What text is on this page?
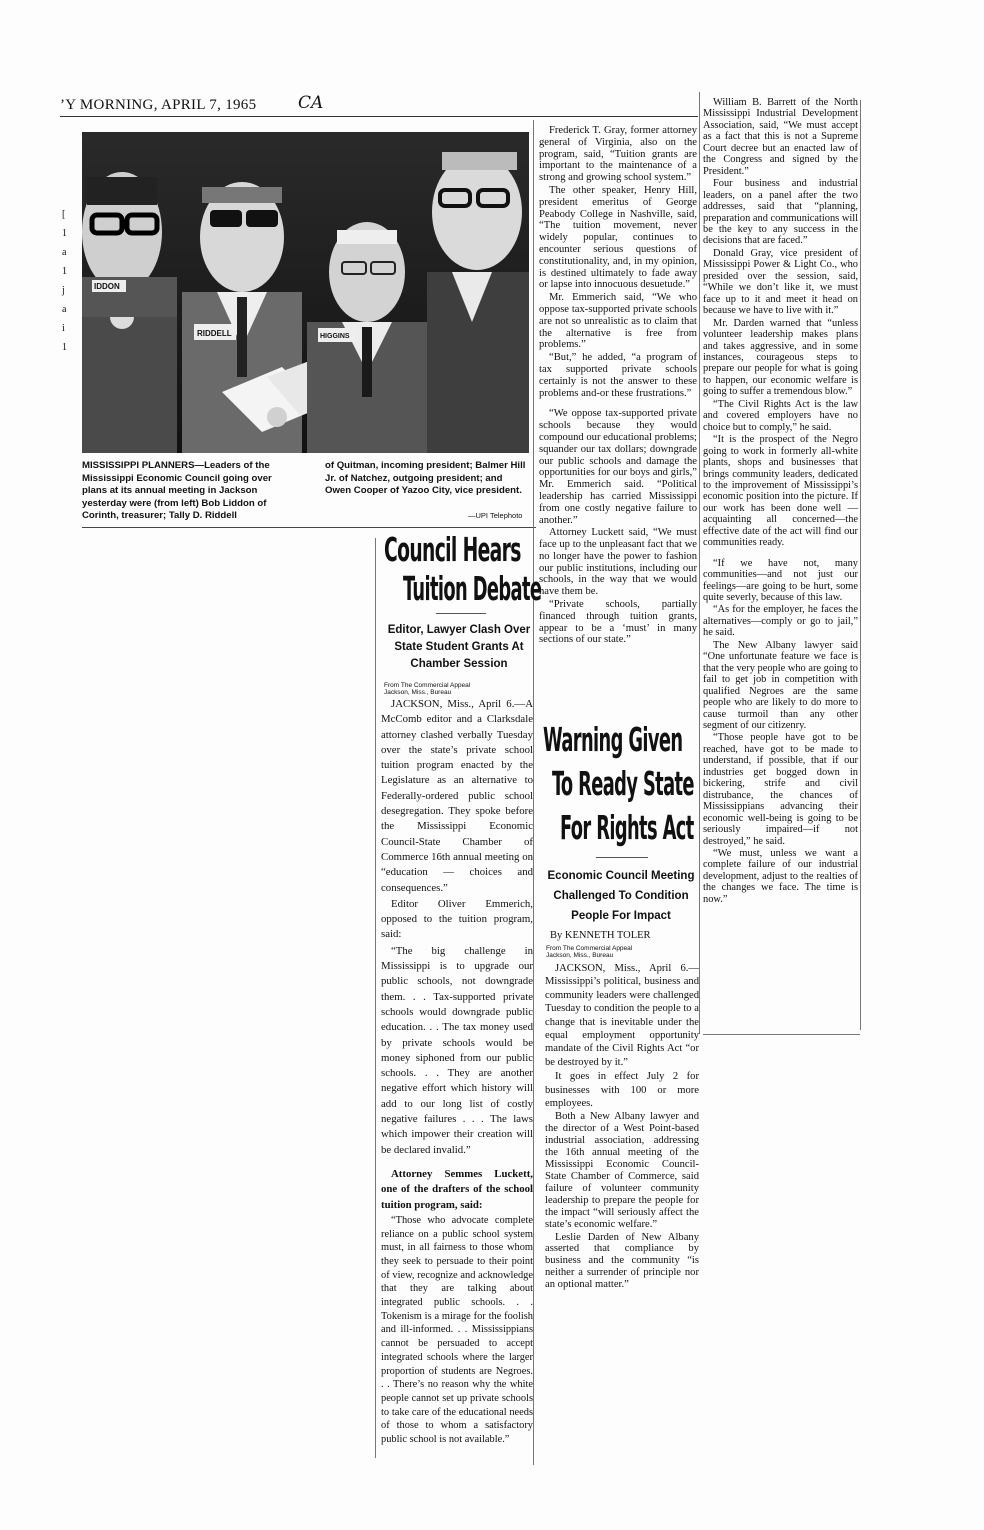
’Y MORNING, APRIL 7, 1965 CA
[
1
a
1
j
a
i
1
IDDON
RIDDELL	HIGGINS
MISSISSIPPI PLANNERS—Leaders of the Mississippi Economic Council going over plans at its annual meeting in Jackson yesterday were (from left) Bob Liddon of Corinth, treasurer; Tally D. Riddell
of Quitman, incoming president; Balmer Hill Jr. of Natchez, outgoing president; and Owen Cooper of Yazoo City, vice president.
—UPI Telephoto
Council Hears
Tuition Debate
Editor, Lawyer Clash Over State Student Grants At Chamber Session
From The Commercial Appeal
Jackson, Miss., Bureau

JACKSON, Miss., April 6.—A McComb editor and a Clarksdale attorney clashed verbally Tuesday over the state’s private school tuition program enacted by the Legislature as an alternative to Federally-ordered public school desegregation. They spoke before the Mississippi Economic Council-State Chamber of Commerce 16th annual meeting on “education — choices and consequences.”

Editor Oliver Emmerich, opposed to the tuition program, said:

“The big challenge in Mississippi is to upgrade our public schools, not downgrade them. . . Tax-supported private schools would downgrade public education. . . The tax money used by private schools would be money siphoned from our public schools. . . They are another negative effort which history will add to our long list of costly negative failures . . . The laws which impower their creation will be declared invalid.”

Attorney Semmes Luckett, one of the drafters of the school tuition program, said:

“Those who advocate complete reliance on a public school system must, in all fairness to those whom they seek to persuade to their point of view, recognize and acknowledge that they are talking about integrated public schools. . . Tokenism is a mirage for the foolish and ill-informed. . . Mississippians cannot be persuaded to accept integrated schools where the larger proportion of students are Negroes. . . There’s no reason why the white people cannot set up private schools to take care of the educational needs of those to whom a satisfactory public school is not available.”

Frederick T. Gray, former attorney general of Virginia, also on the program, said, “Tuition grants are important to the maintenance of a strong and growing school system.”

The other speaker, Henry Hill, president emeritus of George Peabody College in Nashville, said, “The tuition movement, never widely popular, continues to encounter serious questions of constitutionality, and, in my opinion, is destined ultimately to fade away or lapse into innocuous desuetude.”

Mr. Emmerich said, “We who oppose tax-supported private schools are not so unrealistic as to claim that the alternative is free from problems.”

“But,” he added, “a program of tax supported private schools certainly is not the answer to these problems and-or these frustrations.”

“We oppose tax-supported private schools because they would compound our educational problems; squander our tax dollars; downgrade our public schools and damage the opportunities for our boys and girls,” Mr. Emmerich said. “Political leadership has carried Mississippi from one costly negative failure to another.”

Attorney Luckett said, “We must face up to the unpleasant fact that we no longer have the power to fashion our public institutions, including our schools, in the way that we would have them be.

“Private schools, partially financed through tuition grants, appear to be a ‘must’ in many sections of our state.”

Warning Given
To Ready State
For Rights Act
Economic Council Meeting Challenged To Condition People For Impact
By KENNETH TOLER
From The Commercial Appeal
Jackson, Miss., Bureau

JACKSON, Miss., April 6.— Mississippi’s political, business and community leaders were challenged Tuesday to condition the people to a change that is inevitable under the equal employment opportunity mandate of the Civil Rights Act “or be destroyed by it.”

It goes in effect July 2 for businesses with 100 or more employees.

Both a New Albany lawyer and the director of a West Point-based industrial association, addressing the 16th annual meeting of the Mississippi Economic Council-State Chamber of Commerce, said failure of volunteer community leadership to prepare the people for the impact “will seriously affect the state’s economic welfare.”

Leslie Darden of New Albany asserted that compliance by business and the community “is neither a surrender of principle nor an optional matter.”

William B. Barrett of the North Mississippi Industrial Development Association, said, “We must accept as a fact that this is not a Supreme Court decree but an enacted law of the Congress and signed by the President.”

Four business and industrial leaders, on a panel after the two addresses, said that “planning, preparation and communications will be the key to any success in the decisions that are faced.”

Donald Gray, vice president of Mississippi Power & Light Co., who presided over the session, said, “While we don’t like it, we must face up to it and meet it head on because we have to live with it.”

Mr. Darden warned that “unless volunteer leadership makes plans and takes aggressive, and in some instances, courageous steps to prepare our people for what is going to happen, our economic welfare is going to suffer a tremendous blow.”

“The Civil Rights Act is the law and covered employers have no choice but to comply,” he said.

“It is the prospect of the Negro going to work in formerly all-white plants, shops and businesses that brings community leaders, dedicated to the improvement of Mississippi’s economic position into the picture. If our work has been done well — acquainting all concerned—the effective date of the act will find our communities ready.

“If we have not, many communities—and not just our feelings—are going to be hurt, some quite severly, because of this law.

“As for the employer, he faces the alternatives—comply or go to jail,” he said.

The New Albany lawyer said “One unfortunate feature we face is that the very people who are going to fail to get job in competition with qualified Negroes are the same people who are likely to do more to cause turmoil than any other segment of our citizenry.

“Those people have got to be reached, have got to be made to understand, if possible, that if our industries get bogged down in bickering, strife and civil distrubance, the chances of Mississippians advancing their economic well-being is going to be seriously impaired—if not destroyed,” he said.

“We must, unless we want a complete failure of our industrial development, adjust to the realties of the changes we face. The time is now.”
